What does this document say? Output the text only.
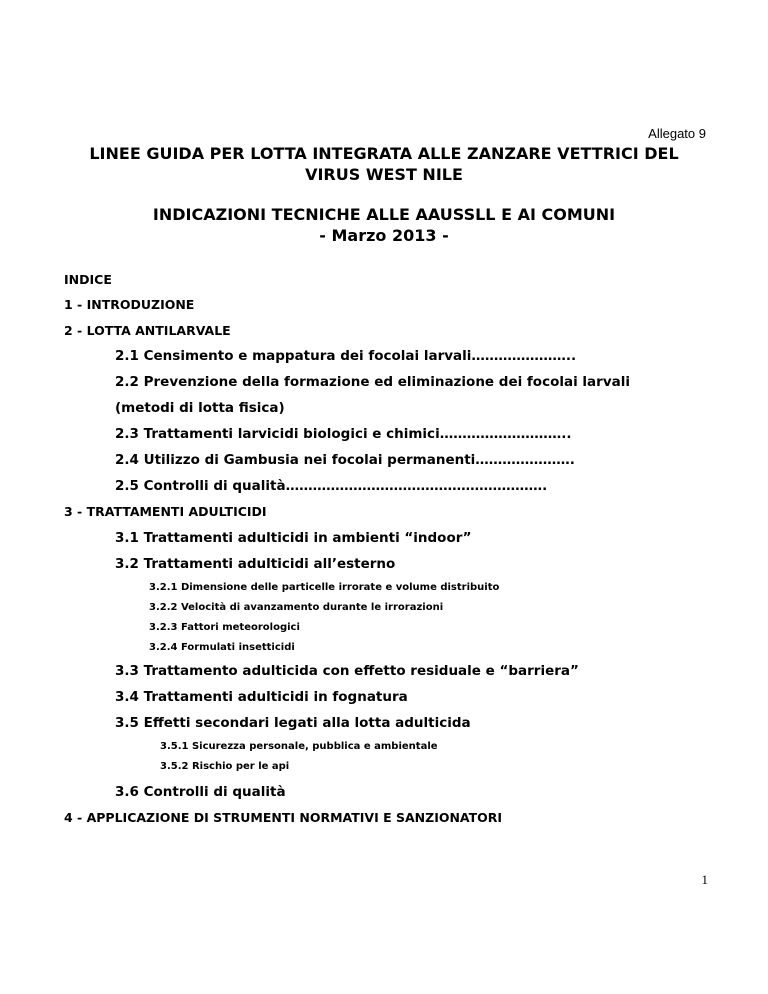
Allegato 9
LINEE GUIDA PER LOTTA INTEGRATA ALLE ZANZARE VETTRICI DEL
VIRUS WEST NILE
INDICAZIONI TECNICHE ALLE AAUSSLL E AI COMUNI
- Marzo 2013 -
INDICE
1 - INTRODUZIONE
2 - LOTTA ANTILARVALE
2.1 Censimento e mappatura dei focolai larvali…………………..
2.2 Prevenzione della formazione ed eliminazione dei focolai larvali
(metodi di lotta fisica)
2.3 Trattamenti larvicidi biologici e chimici………………………..
2.4 Utilizzo di Gambusia nei focolai permanenti………………….
2.5 Controlli di qualità………………………………………………….
3 - TRATTAMENTI ADULTICIDI
3.1 Trattamenti adulticidi in ambienti “indoor”
3.2 Trattamenti adulticidi all’esterno
3.2.1 Dimensione delle particelle irrorate e volume distribuito
3.2.2 Velocità di avanzamento durante le irrorazioni
3.2.3 Fattori meteorologici
3.2.4 Formulati insetticidi
3.3 Trattamento adulticida con effetto residuale e “barriera”
3.4 Trattamenti adulticidi in fognatura
3.5 Effetti secondari legati alla lotta adulticida
3.5.1 Sicurezza personale, pubblica e ambientale
3.5.2 Rischio per le api
3.6 Controlli di qualità
4 - APPLICAZIONE DI STRUMENTI NORMATIVI E SANZIONATORI
1
